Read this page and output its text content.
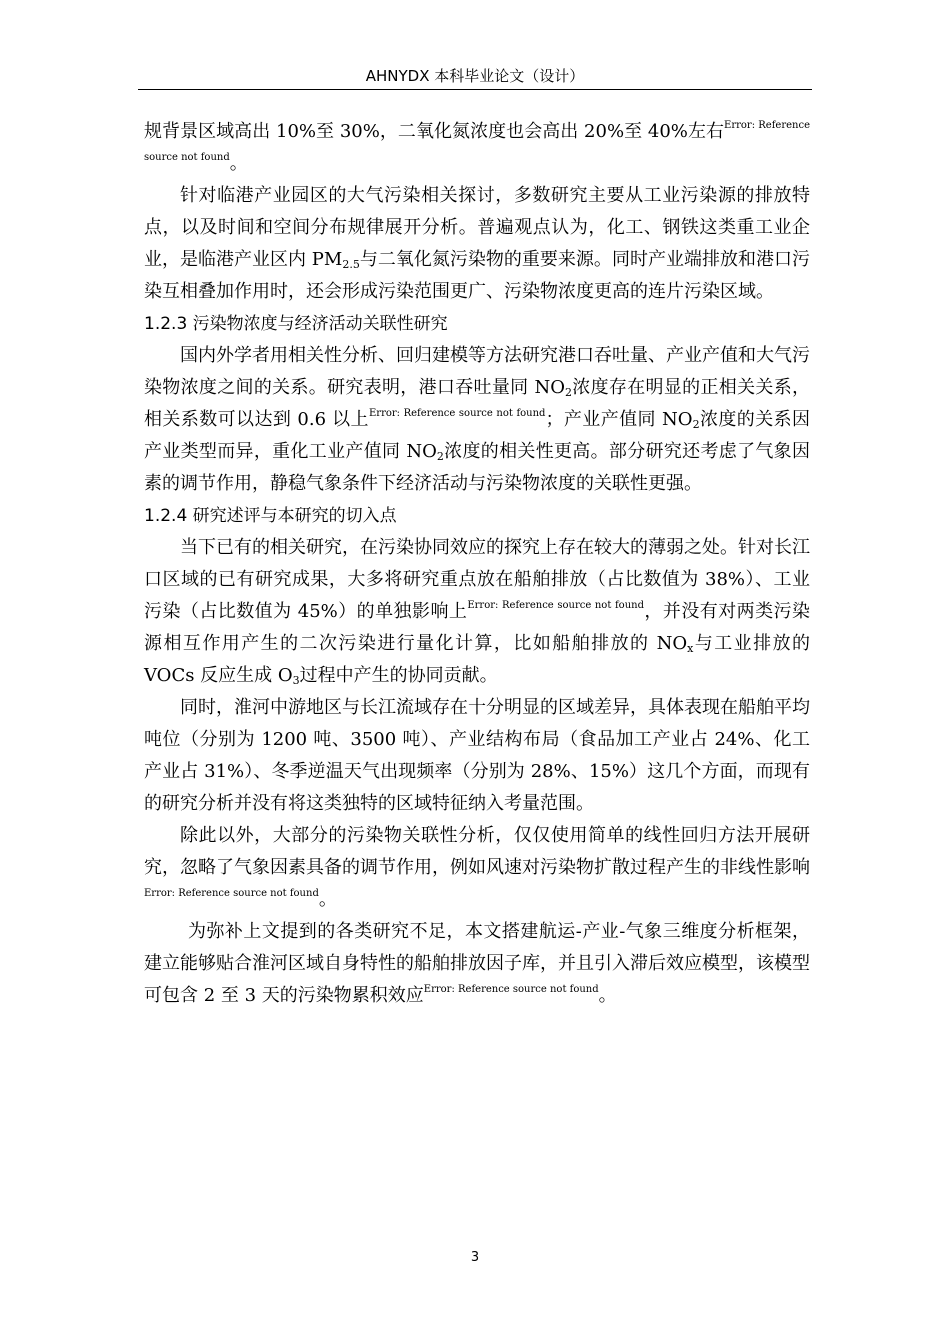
AHNYDX 本科毕业论文（设计）

规背景区域高出 10%至 30%，二氧化氮浓度也会高出 20%至 40%左右$^{Error: Reference source not found}$。

针对临港产业园区的大气污染相关探讨，多数研究主要从工业污染源的排放特点，以及时间和空间分布规律展开分析。普遍观点认为，化工、钢铁这类重工业企业，是临港产业区内 $PM_{2.5}$与二氧化氮污染物的重要来源。同时产业端排放和港口污染互相叠加作用时，还会形成污染范围更广、污染物浓度更高的连片污染区域。

1.2.3 污染物浓度与经济活动关联性研究

国内外学者用相关性分析、回归建模等方法研究港口吞吐量、产业产值和大气污染物浓度之间的关系。研究表明，港口吞吐量同 $NO_2$浓度存在明显的正相关关系，相关系数可以达到 0.6 以上$^{Error: Reference source not found}$；产业产值同 $NO_2$浓度的关系因产业类型而异，重化工业产值同 $NO_2$浓度的相关性更高。部分研究还考虑了气象因素的调节作用，静稳气象条件下经济活动与污染物浓度的关联性更强。

1.2.4 研究述评与本研究的切入点

当下已有的相关研究，在污染协同效应的探究上存在较大的薄弱之处。针对长江口区域的已有研究成果，大多将研究重点放在船舶排放（占比数值为 38%）、工业污染（占比数值为 45%）的单独影响上$^{Error: Reference source not found}$，并没有对两类污染源相互作用产生的二次污染进行量化计算，比如船舶排放的 $NO_x$与工业排放的 VOCs 反应生成 $O_3$过程中产生的协同贡献。

同时，淮河中游地区与长江流域存在十分明显的区域差异，具体表现在船舶平均吨位（分别为 1200 吨、3500 吨）、产业结构布局（食品加工产业占 24%、化工产业占 31%）、冬季逆温天气出现频率（分别为 28%、15%）这几个方面，而现有的研究分析并没有将这类独特的区域特征纳入考量范围。

除此以外，大部分的污染物关联性分析，仅仅使用简单的线性回归方法开展研究，忽略了气象因素具备的调节作用，例如风速对污染物扩散过程产生的非线性影响$^{Error: Reference source not found}$。

为弥补上文提到的各类研究不足，本文搭建航运-产业-气象三维度分析框架，建立能够贴合淮河区域自身特性的船舶排放因子库，并且引入滞后效应模型，该模型可包含 2 至 3 天的污染物累积效应$^{Error: Reference source not found}$。

3
